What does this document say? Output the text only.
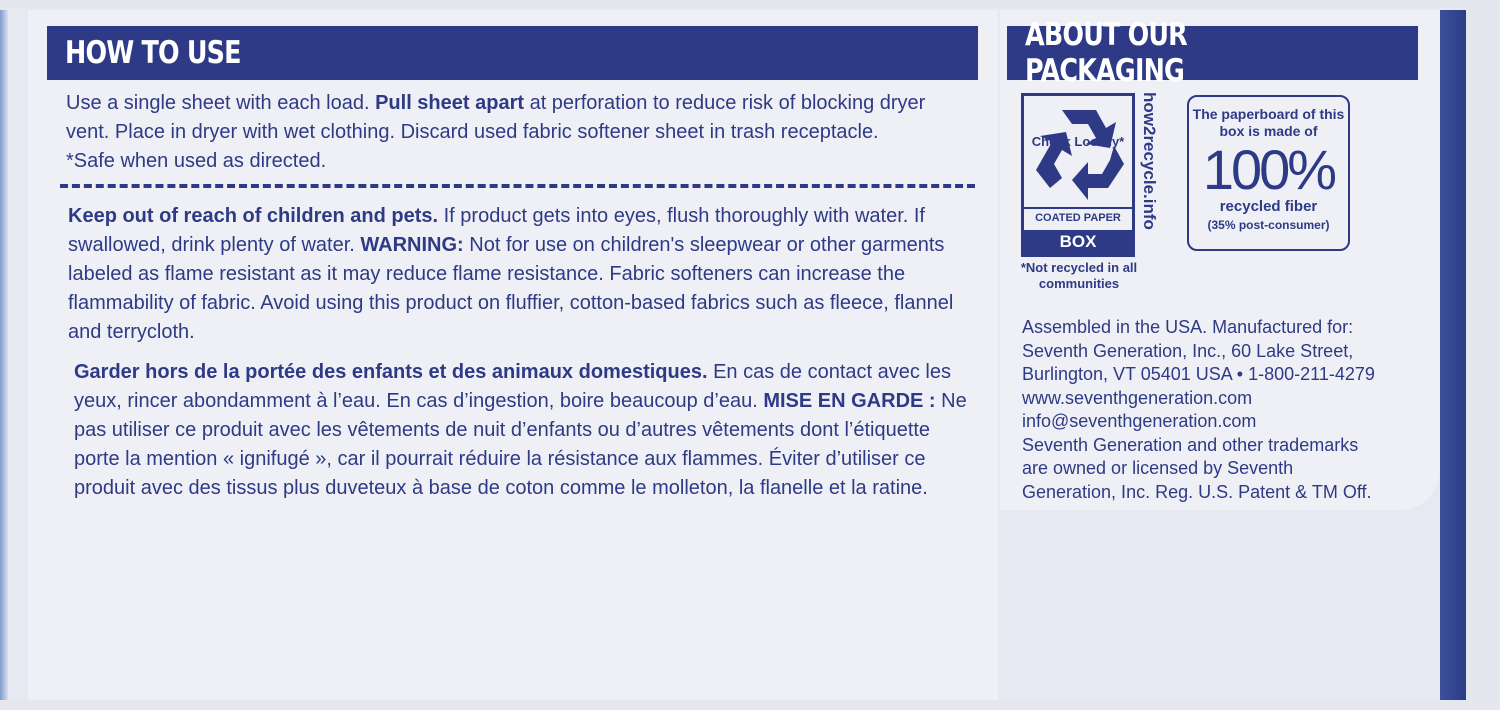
HOW TO USE

Use a single sheet with each load. Pull sheet apart at perforation to reduce risk of blocking dryer vent. Place in dryer with wet clothing. Discard used fabric softener sheet in trash receptacle.

*Safe when used as directed.

Keep out of reach of children and pets. If product gets into eyes, flush thoroughly with water. If swallowed, drink plenty of water. WARNING: Not for use on children's sleepwear or other garments labeled as flame resistant as it may reduce flame resistance. Fabric softeners can increase the flammability of fabric. Avoid using this product on fluffier, cotton-based fabrics such as fleece, flannel and terrycloth.

Garder hors de la portée des enfants et des animaux domestiques. En cas de contact avec les yeux, rincer abondamment à l’eau. En cas d’ingestion, boire beaucoup d’eau. MISE EN GARDE : Ne pas utiliser ce produit avec les vêtements de nuit d’enfants ou d’autres vêtements dont l’étiquette porte la mention « ignifugé », car il pourrait réduire la résistance aux flammes. Éviter d’utiliser ce produit avec des tissus plus duveteux à base de coton comme le molleton, la flanelle et la ratine.

ABOUT OUR PACKAGING
Check Locally*
COATED PAPER
BOX
how2recycle.info
*Not recycled in all communities
The paperboard of this box is made of
100%
recycled fiber
(35% post-consumer)
Assembled in the USA. Manufactured for:
Seventh Generation, Inc., 60 Lake Street,
Burlington, VT 05401 USA • 1-800-211-4279
www.seventhgeneration.com
info@seventhgeneration.com
Seventh Generation and other trademarks
are owned or licensed by Seventh
Generation, Inc. Reg. U.S. Patent & TM Off.
